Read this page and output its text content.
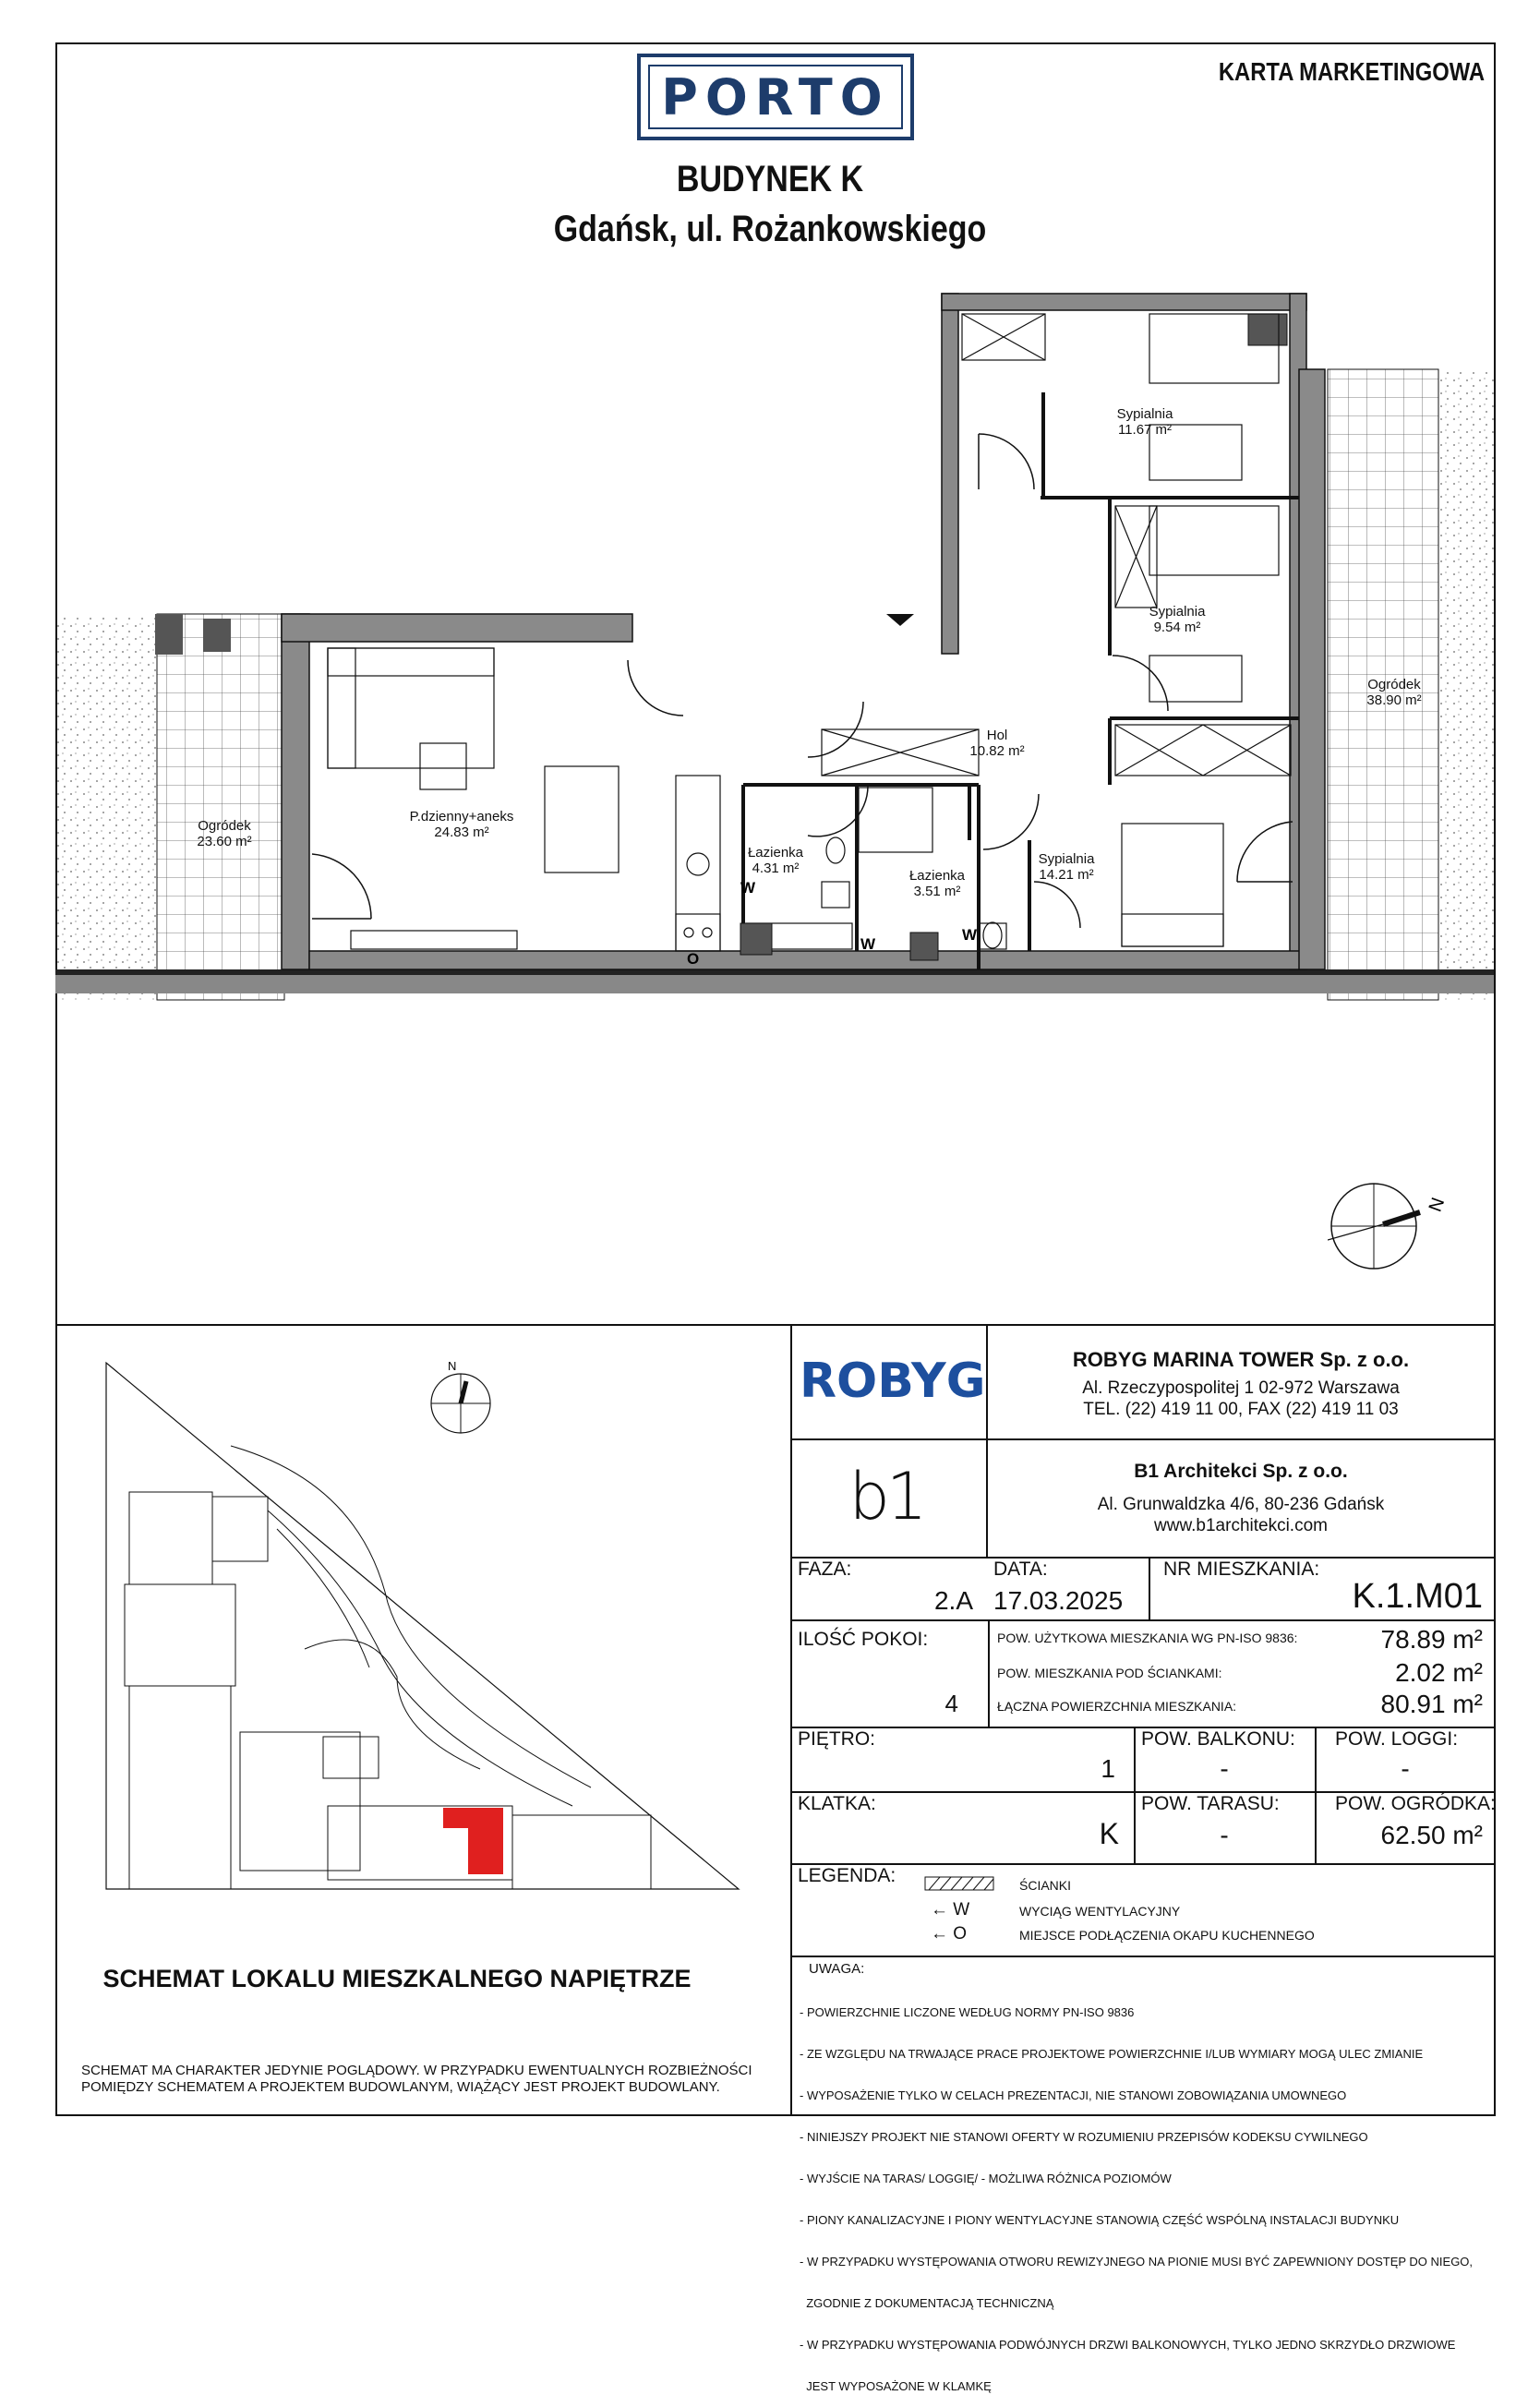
PORTO	KARTA MARKETINGOWA
BUDYNEK K
Gdańsk, ul. Rożankowskiego
W
W
W
O
Sypialnia
11.67 m²
Sypialnia
9.54 m²
Ogródek
38.90 m²
Hol
10.82 m²
P.dzienny+aneks
24.83 m²
Ogródek
23.60 m²
Łazienka
4.31 m²	Łazienka
3.51 m²
Sypialnia
14.21 m²
N
N
SCHEMAT LOKALU MIESZKALNEGO NAPIĘTRZE
SCHEMAT MA CHARAKTER JEDYNIE POGLĄDOWY. W PRZYPADKU EWENTUALNYCH ROZBIEŻNOŚCI POMIĘDZY SCHEMATEM A PROJEKTEM BUDOWLANYM, WIĄŻĄCY JEST PROJEKT BUDOWLANY.
ROBYG	ROBYG MARINA TOWER Sp. z o.o.
Al. Rzeczypospolitej 1 02-972 Warszawa
TEL. (22) 419 11 00, FAX (22) 419 11 03
b1	B1 Architekci Sp. z o.o.
Al. Grunwaldzka 4/6, 80-236 Gdańsk
www.b1architekci.com
FAZA:
2.A
DATA:
17.03.2025
NR MIESZKANIA:
K.1.M01
ILOŚĆ POKOI:
4
POW. UŻYTKOWA MIESZKANIA WG PN-ISO 9836:	78.89 m²
POW. MIESZKANIA POD ŚCIANKAMI:	2.02 m²
ŁĄCZNA POWIERZCHNIA MIESZKANIA:	80.91 m²
PIĘTRO:
1
POW. BALKONU:
-
POW. LOGGI:
-
KLATKA:
K
POW. TARASU:
-
POW. OGRÓDKA:
62.50 m²
LEGENDA:	ŚCIANKI
← W	WYCIĄG WENTYLACYJNY
← O	MIEJSCE PODŁĄCZENIA OKAPU KUCHENNEGO
UWAGA:

- POWIERZCHNIE LICZONE WEDŁUG NORMY PN-ISO 9836

- ZE WZGLĘDU NA TRWAJĄCE PRACE PROJEKTOWE POWIERZCHNIE I/LUB WYMIARY MOGĄ ULEC ZMIANIE

- WYPOSAŻENIE TYLKO W CELACH PREZENTACJI, NIE STANOWI ZOBOWIĄZANIA UMOWNEGO

- NINIEJSZY PROJEKT NIE STANOWI OFERTY W ROZUMIENIU PRZEPISÓW KODEKSU CYWILNEGO

- WYJŚCIE NA TARAS/ LOGGIĘ/ - MOŻLIWA RÓŻNICA POZIOMÓW

- PIONY KANALIZACYJNE I PIONY WENTYLACYJNE STANOWIĄ CZĘŚĆ WSPÓLNĄ INSTALACJI BUDYNKU

- W PRZYPADKU WYSTĘPOWANIA OTWORU REWIZYJNEGO NA PIONIE MUSI BYĆ ZAPEWNIONY DOSTĘP DO NIEGO,

ZGODNIE Z DOKUMENTACJĄ TECHNICZNĄ

- W PRZYPADKU WYSTĘPOWANIA PODWÓJNYCH DRZWI BALKONOWYCH, TYLKO JEDNO SKRZYDŁO DRZWIOWE

JEST WYPOSAŻONE W KLAMKĘ
